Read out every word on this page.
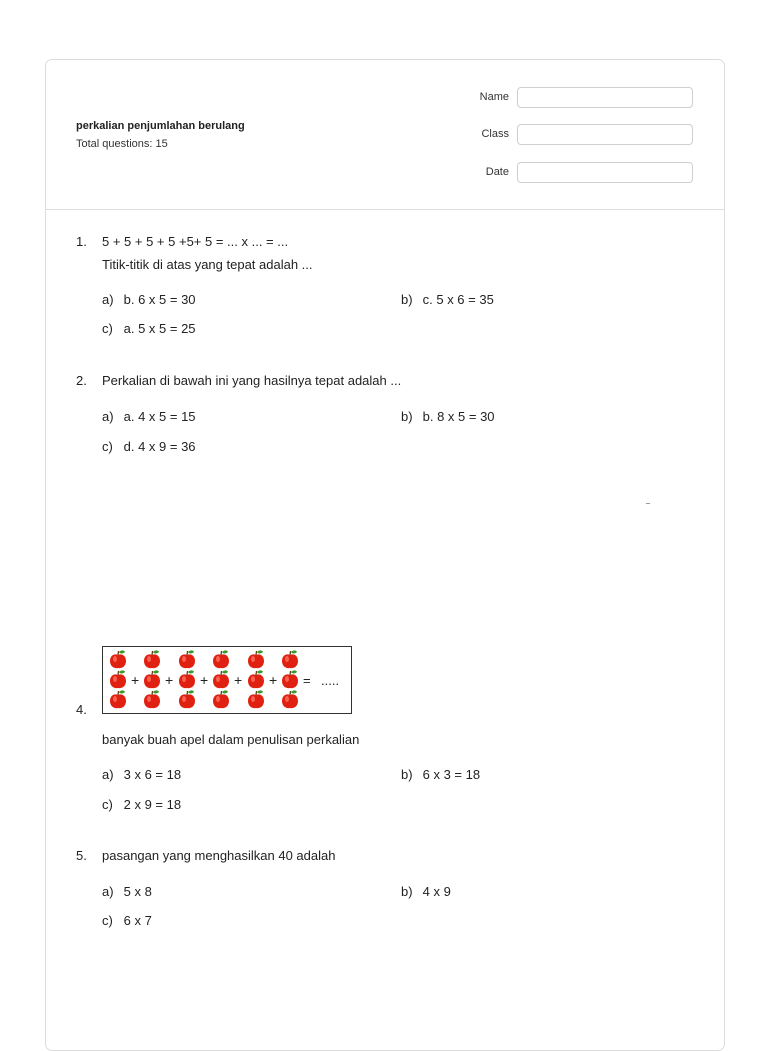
perkalian penjumlahan berulang
Total questions: 15
Name
Class
Date
1.	5 + 5 + 5 + 5 +5+ 5 = ... x ... = ...
Titik-titik di atas yang tepat adalah ...
a) b. 6 x 5 = 30	b) c. 5 x 6 = 35
c) a. 5 x 5 = 25
2.	Perkalian di bawah ini yang hasilnya tepat adalah ...
a) a. 4 x 5 = 15	b) b. 8 x 5 = 30
c) d. 4 x 9 = 36
+ + + + + = .....
4.
banyak buah apel dalam penulisan perkalian
a) 3 x 6 = 18	b) 6 x 3 = 18
c) 2 x 9 = 18
5.	pasangan yang menghasilkan 40 adalah
a) 5 x 8	b) 4 x 9
c) 6 x 7
